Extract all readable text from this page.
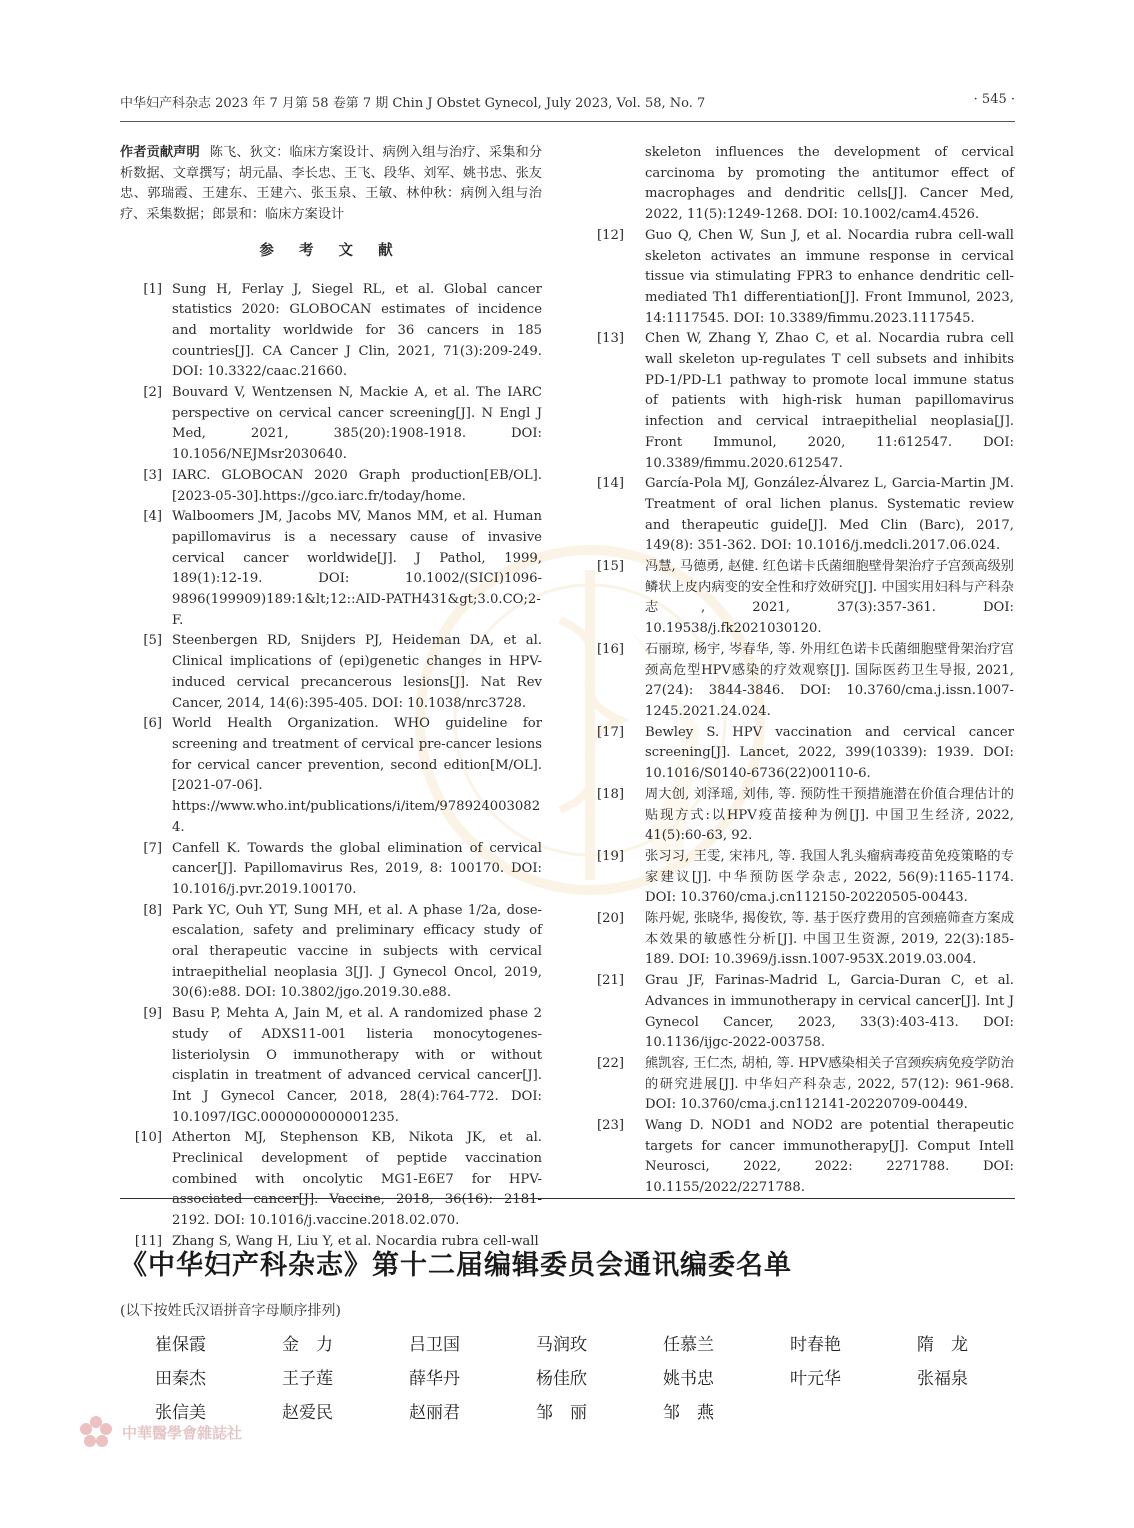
中华妇产科杂志 2023 年 7 月第 58 卷第 7 期 Chin J Obstet Gynecol, July 2023, Vol. 58, No. 7	· 545 ·
作者贡献声明 陈飞、狄文：临床方案设计、病例入组与治疗、采集和分析数据、文章撰写；胡元晶、李长忠、王飞、段华、刘军、姚书忠、张友忠、郭瑞霞、王建东、王建六、张玉泉、王敏、林仲秋：病例入组与治疗、采集数据；郎景和：临床方案设计
参 考 文 献
[1] Sung H, Ferlay J, Siegel RL, et al. Global cancer statistics 2020: GLOBOCAN estimates of incidence and mortality worldwide for 36 cancers in 185 countries[J]. CA Cancer J Clin, 2021, 71(3):209-249. DOI: 10.3322/caac.21660.
[2] Bouvard V, Wentzensen N, Mackie A, et al. The IARC perspective on cervical cancer screening[J]. N Engl J Med, 2021, 385(20):1908-1918. DOI: 10.1056/NEJMsr2030640.
[3] IARC. GLOBOCAN 2020 Graph production[EB/OL]. [2023-05-30].https://gco.iarc.fr/today/home.
[4] Walboomers JM, Jacobs MV, Manos MM, et al. Human papillomavirus is a necessary cause of invasive cervical cancer worldwide[J]. J Pathol, 1999, 189(1):12-19. DOI: 10.1002/(SICI)1096-9896(199909)189:1&lt;12::AID-PATH431&gt;3.0.CO;2-F.
[5] Steenbergen RD, Snijders PJ, Heideman DA, et al. Clinical implications of (epi)genetic changes in HPV-induced cervical precancerous lesions[J]. Nat Rev Cancer, 2014, 14(6):395-405. DOI: 10.1038/nrc3728.
[6] World Health Organization. WHO guideline for screening and treatment of cervical pre-cancer lesions for cervical cancer prevention, second edition[M/OL]. [2021-07-06]. https://www.who.int/publications/i/item/9789240030824.
[7] Canfell K. Towards the global elimination of cervical cancer[J]. Papillomavirus Res, 2019, 8: 100170. DOI: 10.1016/j.pvr.2019.100170.
[8] Park YC, Ouh YT, Sung MH, et al. A phase 1/2a, dose-escalation, safety and preliminary efficacy study of oral therapeutic vaccine in subjects with cervical intraepithelial neoplasia 3[J]. J Gynecol Oncol, 2019, 30(6):e88. DOI: 10.3802/jgo.2019.30.e88.
[9] Basu P, Mehta A, Jain M, et al. A randomized phase 2 study of ADXS11-001 listeria monocytogenes-listeriolysin O immunotherapy with or without cisplatin in treatment of advanced cervical cancer[J]. Int J Gynecol Cancer, 2018, 28(4):764-772. DOI: 10.1097/IGC.0000000000001235.
[10] Atherton MJ, Stephenson KB, Nikota JK, et al. Preclinical development of peptide vaccination combined with oncolytic MG1-E6E7 for HPV-associated cancer[J]. Vaccine, 2018, 36(16): 2181-2192. DOI: 10.1016/j.vaccine.2018.02.070.
[11] Zhang S, Wang H, Liu Y, et al. Nocardia rubra cell-wall
skeleton influences the development of cervical carcinoma by promoting the antitumor effect of macrophages and dendritic cells[J]. Cancer Med, 2022, 11(5):1249-1268. DOI: 10.1002/cam4.4526.
[12]	Guo Q, Chen W, Sun J, et al. Nocardia rubra cell-wall skeleton activates an immune response in cervical tissue via stimulating FPR3 to enhance dendritic cell-mediated Th1 differentiation[J]. Front Immunol, 2023, 14:1117545. DOI: 10.3389/fimmu.2023.1117545.
[13]	Chen W, Zhang Y, Zhao C, et al. Nocardia rubra cell wall skeleton up-regulates T cell subsets and inhibits PD-1/PD-L1 pathway to promote local immune status of patients with high-risk human papillomavirus infection and cervical intraepithelial neoplasia[J]. Front Immunol, 2020, 11:612547. DOI: 10.3389/fimmu.2020.612547.
[14]	García-Pola MJ, González-Álvarez L, Garcia-Martin JM. Treatment of oral lichen planus. Systematic review and therapeutic guide[J]. Med Clin (Barc), 2017, 149(8): 351-362. DOI: 10.1016/j.medcli.2017.06.024.
[15]	冯慧, 马德勇, 赵健. 红色诺卡氏菌细胞壁骨架治疗子宫颈高级别鳞状上皮内病变的安全性和疗效研究[J]. 中国实用妇科与产科杂志, 2021, 37(3):357-361. DOI: 10.19538/j.fk2021030120.
[16]	石丽琼, 杨宇, 岑春华, 等. 外用红色诺卡氏菌细胞壁骨架治疗宫颈高危型HPV感染的疗效观察[J]. 国际医药卫生导报, 2021, 27(24): 3844-3846. DOI: 10.3760/cma.j.issn.1007-1245.2021.24.024.
[17]	Bewley S. HPV vaccination and cervical cancer screening[J]. Lancet, 2022, 399(10339): 1939. DOI: 10.1016/S0140-6736(22)00110-6.
[18]	周大创, 刘泽瑶, 刘伟, 等. 预防性干预措施潜在价值合理估计的贴现方式:以HPV疫苗接种为例[J]. 中国卫生经济, 2022, 41(5):60-63, 92.
[19]	张习习, 王雯, 宋祎凡, 等. 我国人乳头瘤病毒疫苗免疫策略的专家建议[J]. 中华预防医学杂志, 2022, 56(9):1165-1174. DOI: 10.3760/cma.j.cn112150-20220505-00443.
[20]	陈丹妮, 张晓华, 揭俊钦, 等. 基于医疗费用的宫颈癌筛查方案成本效果的敏感性分析[J]. 中国卫生资源, 2019, 22(3):185-189. DOI: 10.3969/j.issn.1007-953X.2019.03.004.
[21]	Grau JF, Farinas-Madrid L, Garcia-Duran C, et al. Advances in immunotherapy in cervical cancer[J]. Int J Gynecol Cancer, 2023, 33(3):403-413. DOI: 10.1136/ijgc-2022-003758.
[22]	熊凯容, 王仁杰, 胡柏, 等. HPV感染相关子宫颈疾病免疫学防治的研究进展[J]. 中华妇产科杂志, 2022, 57(12): 961-968. DOI: 10.3760/cma.j.cn112141-20220709-00449.
[23]	Wang D. NOD1 and NOD2 are potential therapeutic targets for cancer immunotherapy[J]. Comput Intell Neurosci, 2022, 2022: 2271788. DOI: 10.1155/2022/2271788.
《中华妇产科杂志》第十二届编辑委员会通讯编委名单
(以下按姓氏汉语拼音字母顺序排列)
崔保霞	金　力	吕卫国	马润玫	任慕兰	时春艳	隋　龙
田秦杰	王子莲	薛华丹	杨佳欣	姚书忠	叶元华	张福泉
张信美	赵爱民	赵丽君	邹　丽	邹　燕
中華醫學會雜誌社
